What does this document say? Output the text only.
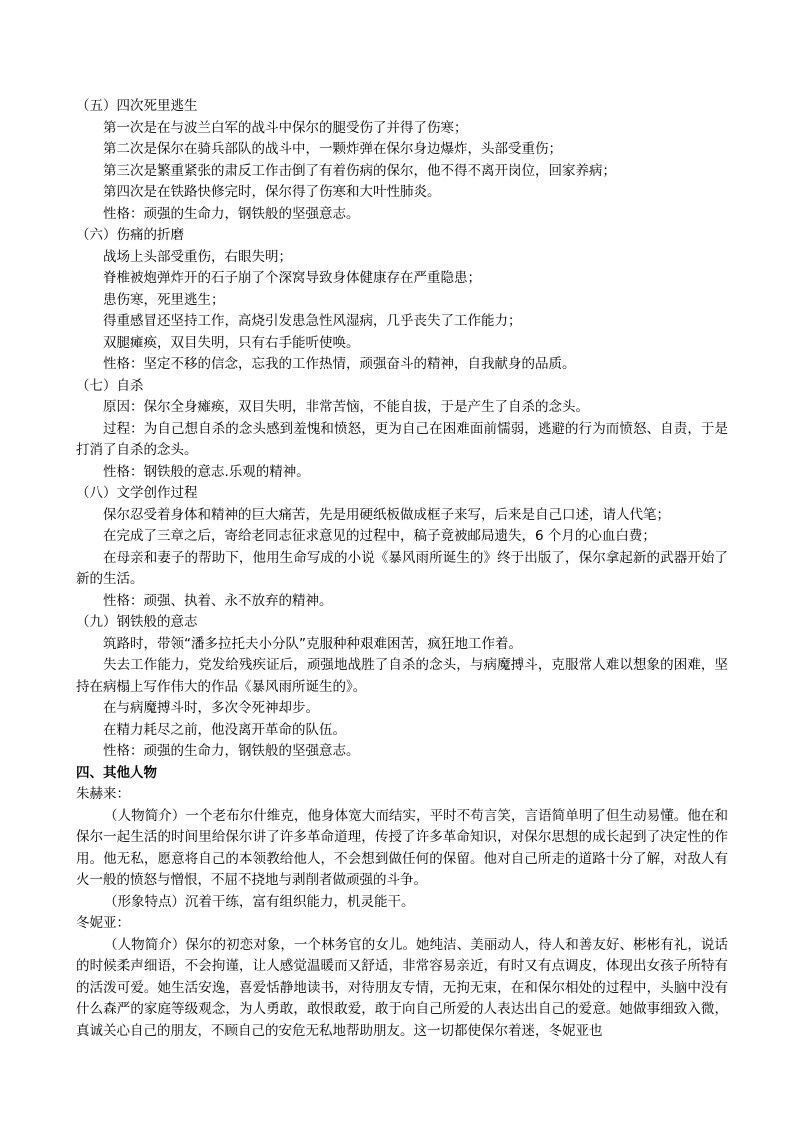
（五）四次死里逃生

第一次是在与波兰白军的战斗中保尔的腿受伤了并得了伤寒；

第二次是保尔在骑兵部队的战斗中，一颗炸弹在保尔身边爆炸，头部受重伤；

第三次是繁重紧张的肃反工作击倒了有着伤病的保尔，他不得不离开岗位，回家养病；

第四次是在铁路快修完时，保尔得了伤寒和大叶性肺炎。

性格：顽强的生命力，钢铁般的坚强意志。

（六）伤痛的折磨

战场上头部受重伤，右眼失明；

脊椎被炮弹炸开的石子崩了个深窝导致身体健康存在严重隐患；

患伤寒，死里逃生；

得重感冒还坚持工作，高烧引发患急性风湿病，几乎丧失了工作能力；

双腿瘫痪，双目失明，只有右手能听使唤。

性格：坚定不移的信念，忘我的工作热情，顽强奋斗的精神，自我献身的品质。

（七）自杀

原因：保尔全身瘫痪，双目失明，非常苦恼，不能自拔，于是产生了自杀的念头。

过程：为自己想自杀的念头感到羞愧和愤怒，更为自己在困难面前懦弱，逃避的行为而愤怒、自责，于是打消了自杀的念头。

性格：钢铁般的意志.乐观的精神。

（八）文学创作过程

保尔忍受着身体和精神的巨大痛苦，先是用硬纸板做成框子来写，后来是自己口述，请人代笔；

在完成了三章之后，寄给老同志征求意见的过程中，稿子竟被邮局遗失，6 个月的心血白费；

在母亲和妻子的帮助下，他用生命写成的小说《暴风雨所诞生的》终于出版了，保尔拿起新的武器开始了新的生活。

性格：顽强、执着、永不放弃的精神。

（九）钢铁般的意志

筑路时，带领“潘多拉托夫小分队”克服种种艰难困苦，疯狂地工作着。

失去工作能力，党发给残疾证后，顽强地战胜了自杀的念头，与病魔搏斗，克服常人难以想象的困难，坚持在病榻上写作伟大的作品《暴风雨所诞生的》。

在与病魔搏斗时，多次令死神却步。

在精力耗尽之前，他没离开革命的队伍。

性格：顽强的生命力，钢铁般的坚强意志。

四、其他人物

朱赫来：

（人物简介）一个老布尔什维克，他身体宽大而结实，平时不苟言笑，言语简单明了但生动易懂。他在和保尔一起生活的时间里给保尔讲了许多革命道理，传授了许多革命知识，对保尔思想的成长起到了决定性的作用。他无私，愿意将自己的本领教给他人，不会想到做任何的保留。他对自己所走的道路十分了解，对敌人有火一般的愤怒与憎恨，不屈不挠地与剥削者做顽强的斗争。

（形象特点）沉着干练，富有组织能力，机灵能干。

冬妮亚：

（人物简介）保尔的初恋对象，一个林务官的女儿。她纯洁、美丽动人，待人和善友好、彬彬有礼，说话的时候柔声细语，不会拘谨，让人感觉温暖而又舒适，非常容易亲近，有时又有点调皮，体现出女孩子所特有的活泼可爱。她生活安逸，喜爱恬静地读书，对待朋友专情，无拘无束，在和保尔相处的过程中，头脑中没有什么森严的家庭等级观念，为人勇敢，敢恨敢爱，敢于向自己所爱的人表达出自己的爱意。她做事细致入微，真诚关心自己的朋友，不顾自己的安危无私地帮助朋友。这一切都使保尔着迷，冬妮亚也
